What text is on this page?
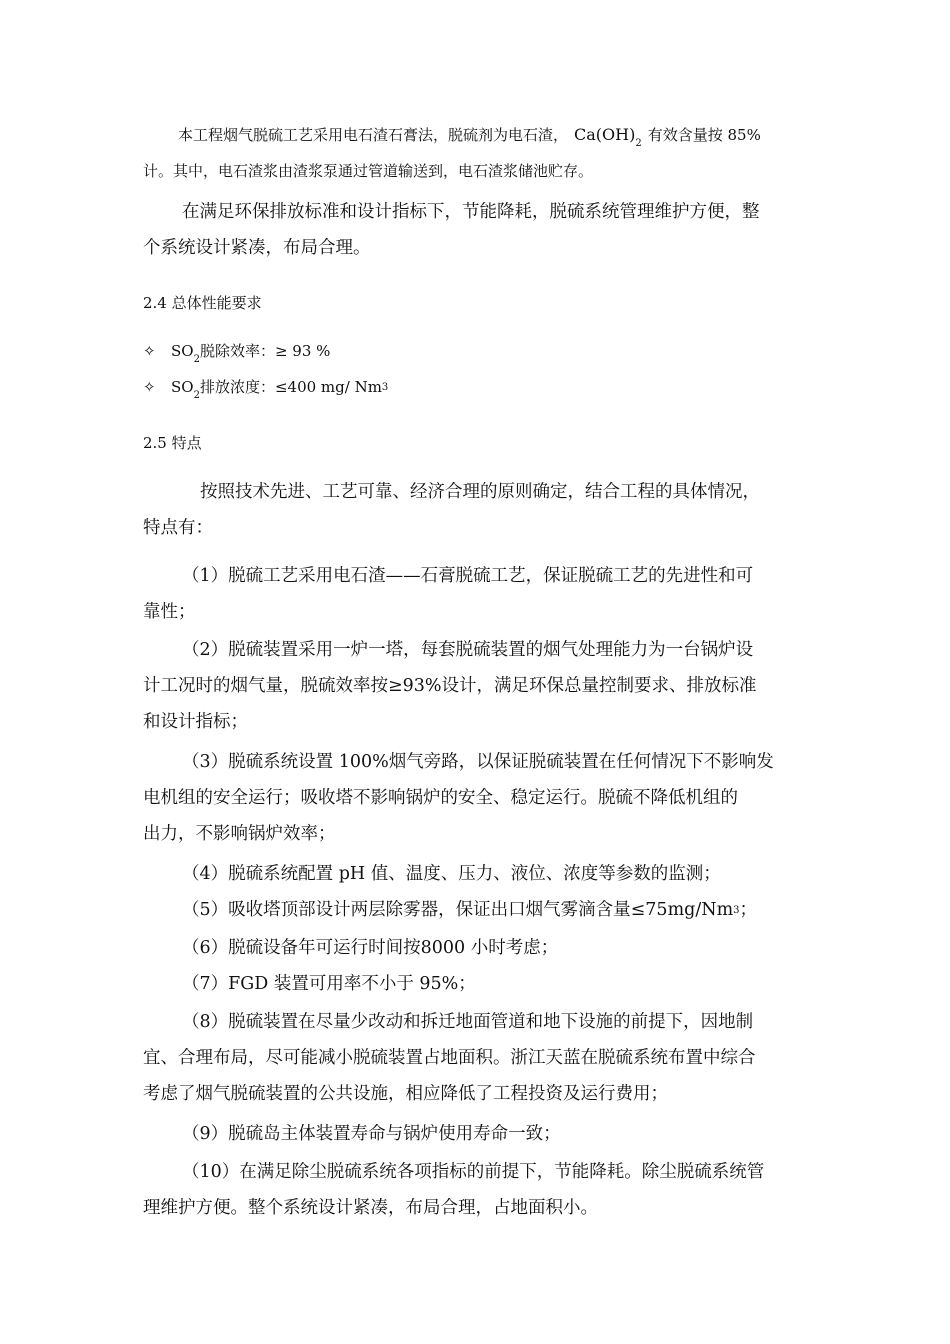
本工程烟气脱硫工艺采用电石渣石膏法，脱硫剂为电石渣， $Ca(OH)_2$ 有效含量按 85%
计。其中，电石渣浆由渣浆泵通过管道输送到，电石渣浆储池贮存。
在满足环保排放标准和设计指标下，节能降耗，脱硫系统管理维护方便，整
个系统设计紧凑，布局合理。
2.4 总体性能要求
✧ $SO_2$脱除效率：≥ 93 %
✧ $SO_2$排放浓度：≤400 mg/ Nm3
2.5 特点
按照技术先进、工艺可靠、经济合理的原则确定，结合工程的具体情况，
特点有：
（1）脱硫工艺采用电石渣——石膏脱硫工艺，保证脱硫工艺的先进性和可
靠性；
（2）脱硫装置采用一炉一塔，每套脱硫装置的烟气处理能力为一台锅炉设
计工况时的烟气量，脱硫效率按≥93%设计，满足环保总量控制要求、排放标准
和设计指标；
（3）脱硫系统设置 100%烟气旁路，以保证脱硫装置在任何情况下不影响发
电机组的安全运行；吸收塔不影响锅炉的安全、稳定运行。脱硫不降低机组的
出力，不影响锅炉效率；
（4）脱硫系统配置 pH 值、温度、压力、液位、浓度等参数的监测；
（5）吸收塔顶部设计两层除雾器，保证出口烟气雾滴含量≤75mg/Nm3；
（6）脱硫设备年可运行时间按8000 小时考虑；
（7）FGD 装置可用率不小于 95%；
（8）脱硫装置在尽量少改动和拆迁地面管道和地下设施的前提下，因地制
宜、合理布局，尽可能减小脱硫装置占地面积。浙江天蓝在脱硫系统布置中综合
考虑了烟气脱硫装置的公共设施，相应降低了工程投资及运行费用；
（9）脱硫岛主体装置寿命与锅炉使用寿命一致；
（10）在满足除尘脱硫系统各项指标的前提下，节能降耗。除尘脱硫系统管
理维护方便。整个系统设计紧凑，布局合理，占地面积小。
